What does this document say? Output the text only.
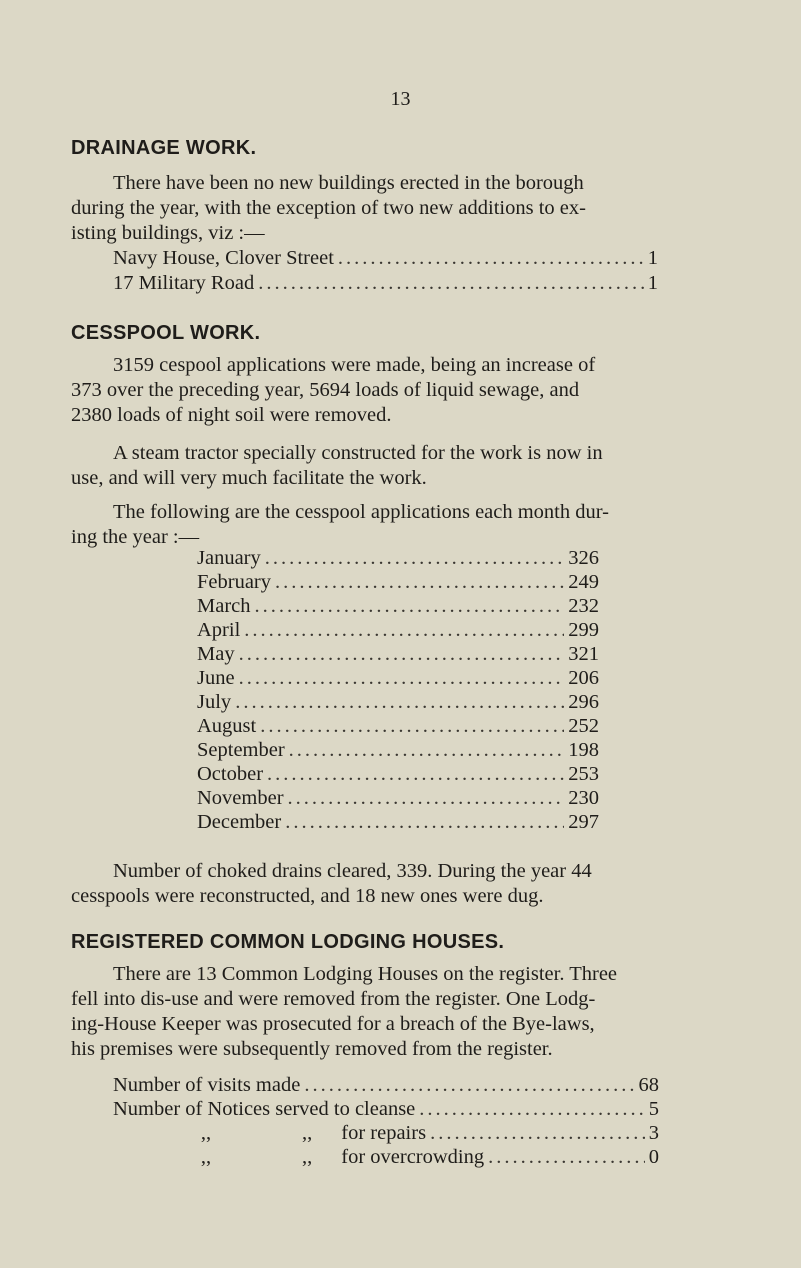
13
DRAINAGE WORK.
There have been no new buildings erected in the borough
during the year, with the exception of two new additions to ex-
isting buildings, viz :—
Navy House, Clover Street .....	1
17 Military Road .....	1
CESSPOOL WORK.
3159 cespool applications were made, being an increase of
373 over the preceding year, 5694 loads of liquid sewage, and
2380 loads of night soil were removed.
A steam tractor specially constructed for the work is now in
use, and will very much facilitate the work.
The following are the cesspool applications each month dur-
ing the year :—
January .....	326
February .....	249
March .....	232
April .....	299
May .....	321
June .....	206
July .....	296
August .....	252
September .....	198
October .....	253
November .....	230
December .....	297
Number of choked drains cleared, 339. During the year 44
cesspools were reconstructed, and 18 new ones were dug.
REGISTERED COMMON LODGING HOUSES.
There are 13 Common Lodging Houses on the register. Three
fell into dis-use and were removed from the register. One Lodg-
ing-House Keeper was prosecuted for a breach of the Bye-laws,
his premises were subsequently removed from the register.
Number of visits made .....	68
Number of Notices served to cleanse .....	5
,,	,, for repairs .....	3
,,	,, for overcrowding .....	0
